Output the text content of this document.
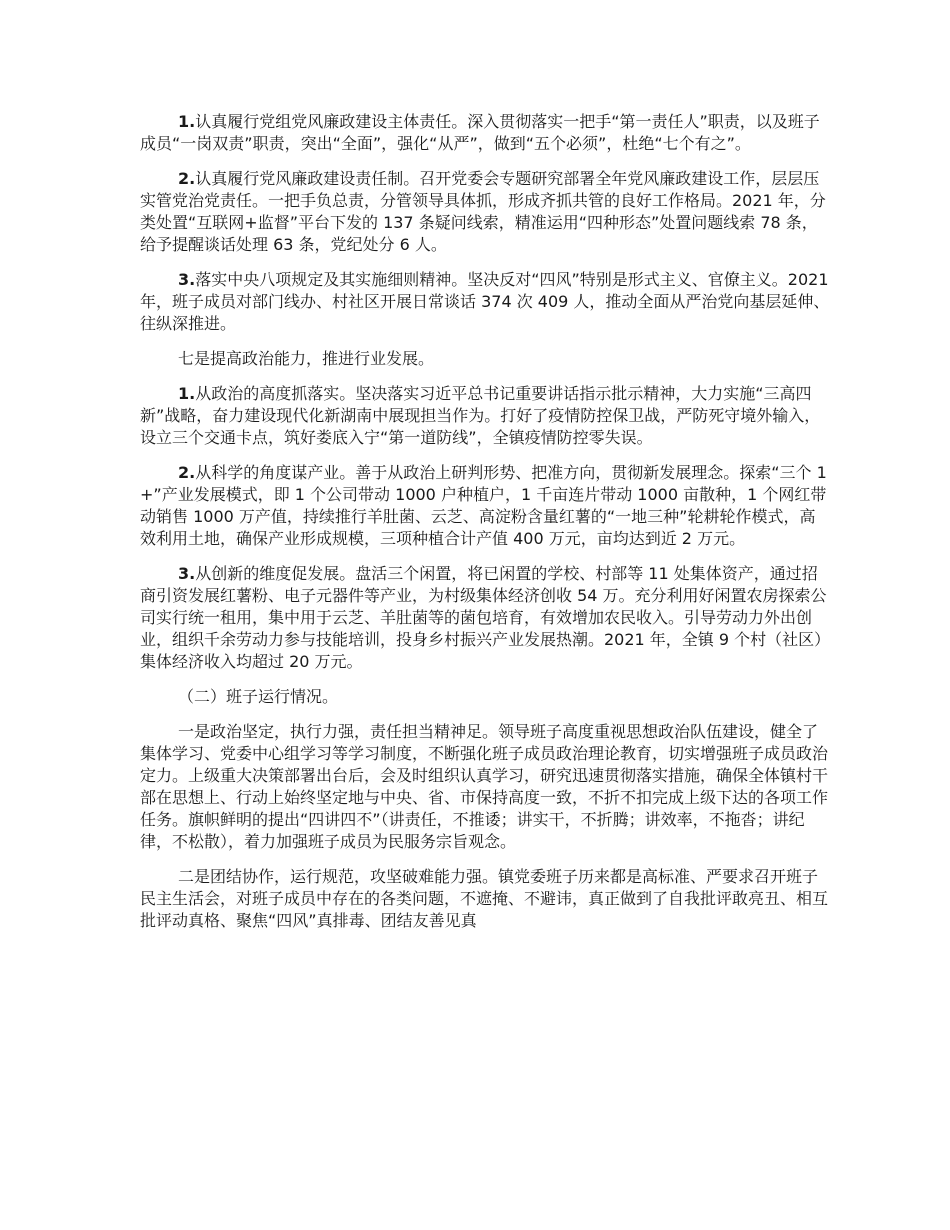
1.认真履行党组党风廉政建设主体责任。深入贯彻落实一把手“第一责任人”职责，以及班子成员“一岗双责”职责，突出“全面”，强化“从严”，做到“五个必须”，杜绝“七个有之”。

2.认真履行党风廉政建设责任制。召开党委会专题研究部署全年党风廉政建设工作，层层压实管党治党责任。一把手负总责，分管领导具体抓，形成齐抓共管的良好工作格局。2021 年，分类处置“互联网+监督”平台下发的 137 条疑问线索，精准运用“四种形态”处置问题线索 78 条，给予提醒谈话处理 63 条，党纪处分 6 人。

3.落实中央八项规定及其实施细则精神。坚决反对“四风”特别是形式主义、官僚主义。2021 年，班子成员对部门线办、村社区开展日常谈话 374 次 409 人，推动全面从严治党向基层延伸、往纵深推进。

七是提高政治能力，推进行业发展。

1.从政治的高度抓落实。坚决落实习近平总书记重要讲话指示批示精神，大力实施“三高四新”战略，奋力建设现代化新湖南中展现担当作为。打好了疫情防控保卫战，严防死守境外输入，设立三个交通卡点，筑好娄底入宁“第一道防线”，全镇疫情防控零失误。

2.从科学的角度谋产业。善于从政治上研判形势、把准方向，贯彻新发展理念。探索“三个 1+”产业发展模式，即 1 个公司带动 1000 户种植户，1 千亩连片带动 1000 亩散种，1 个网红带动销售 1000 万产值，持续推行羊肚菌、云芝、高淀粉含量红薯的“一地三种”轮耕轮作模式，高效利用土地，确保产业形成规模，三项种植合计产值 400 万元，亩均达到近 2 万元。

3.从创新的维度促发展。盘活三个闲置，将已闲置的学校、村部等 11 处集体资产，通过招商引资发展红薯粉、电子元器件等产业，为村级集体经济创收 54 万。充分利用好闲置农房探索公司实行统一租用，集中用于云芝、羊肚菌等的菌包培育，有效增加农民收入。引导劳动力外出创业，组织千余劳动力参与技能培训，投身乡村振兴产业发展热潮。2021 年，全镇 9 个村（社区）集体经济收入均超过 20 万元。

（二）班子运行情况。

一是政治坚定，执行力强，责任担当精神足。领导班子高度重视思想政治队伍建设，健全了集体学习、党委中心组学习等学习制度，不断强化班子成员政治理论教育，切实增强班子成员政治定力。上级重大决策部署出台后，会及时组织认真学习，研究迅速贯彻落实措施，确保全体镇村干部在思想上、行动上始终坚定地与中央、省、市保持高度一致，不折不扣完成上级下达的各项工作任务。旗帜鲜明的提出“四讲四不”（讲责任，不推诿；讲实干，不折腾；讲效率，不拖沓；讲纪律，不松散），着力加强班子成员为民服务宗旨观念。

二是团结协作，运行规范，攻坚破难能力强。镇党委班子历来都是高标准、严要求召开班子民主生活会，对班子成员中存在的各类问题，不遮掩、不避讳，真正做到了自我批评敢亮丑、相互批评动真格、聚焦“四风”真排毒、团结友善见真
